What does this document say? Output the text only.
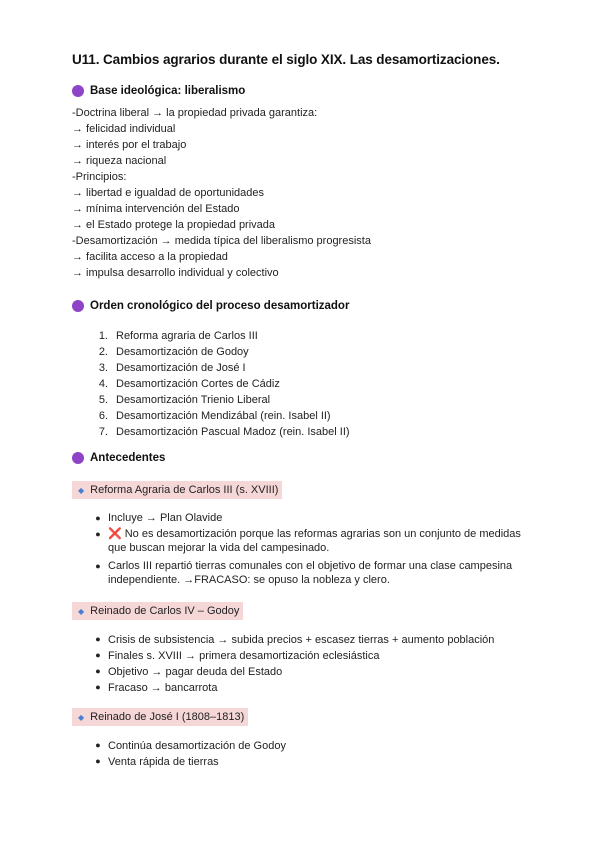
U11. Cambios agrarios durante el siglo XIX. Las desamortizaciones.
Base ideológica: liberalismo
-Doctrina liberal → la propiedad privada garantiza:
→ felicidad individual
→ interés por el trabajo
→ riqueza nacional
-Principios:
→ libertad e igualdad de oportunidades
→ mínima intervención del Estado
→ el Estado protege la propiedad privada
-Desamortización → medida típica del liberalismo progresista
→ facilita acceso a la propiedad
→ impulsa desarrollo individual y colectivo
Orden cronológico del proceso desamortizador
1. Reforma agraria de Carlos III
2. Desamortización de Godoy
3. Desamortización de José I
4. Desamortización Cortes de Cádiz
5. Desamortización Trienio Liberal
6. Desamortización Mendizábal (rein. Isabel II)
7. Desamortización Pascual Madoz (rein. Isabel II)
Antecedentes
◆ Reforma Agraria de Carlos III (s. XVIII)
● Incluye → Plan Olavide
● ❌ No es desamortización porque las reformas agrarias son un conjunto de medidas que buscan mejorar la vida del campesinado.
● Carlos III repartió tierras comunales con el objetivo de formar una clase campesina independiente. →FRACASO: se opuso la nobleza y clero.
◆ Reinado de Carlos IV – Godoy
● Crisis de subsistencia → subida precios + escasez tierras + aumento población
● Finales s. XVIII → primera desamortización eclesiástica
● Objetivo → pagar deuda del Estado
● Fracaso → bancarrota
◆ Reinado de José I (1808–1813)
● Continúa desamortización de Godoy
● Venta rápida de tierras
